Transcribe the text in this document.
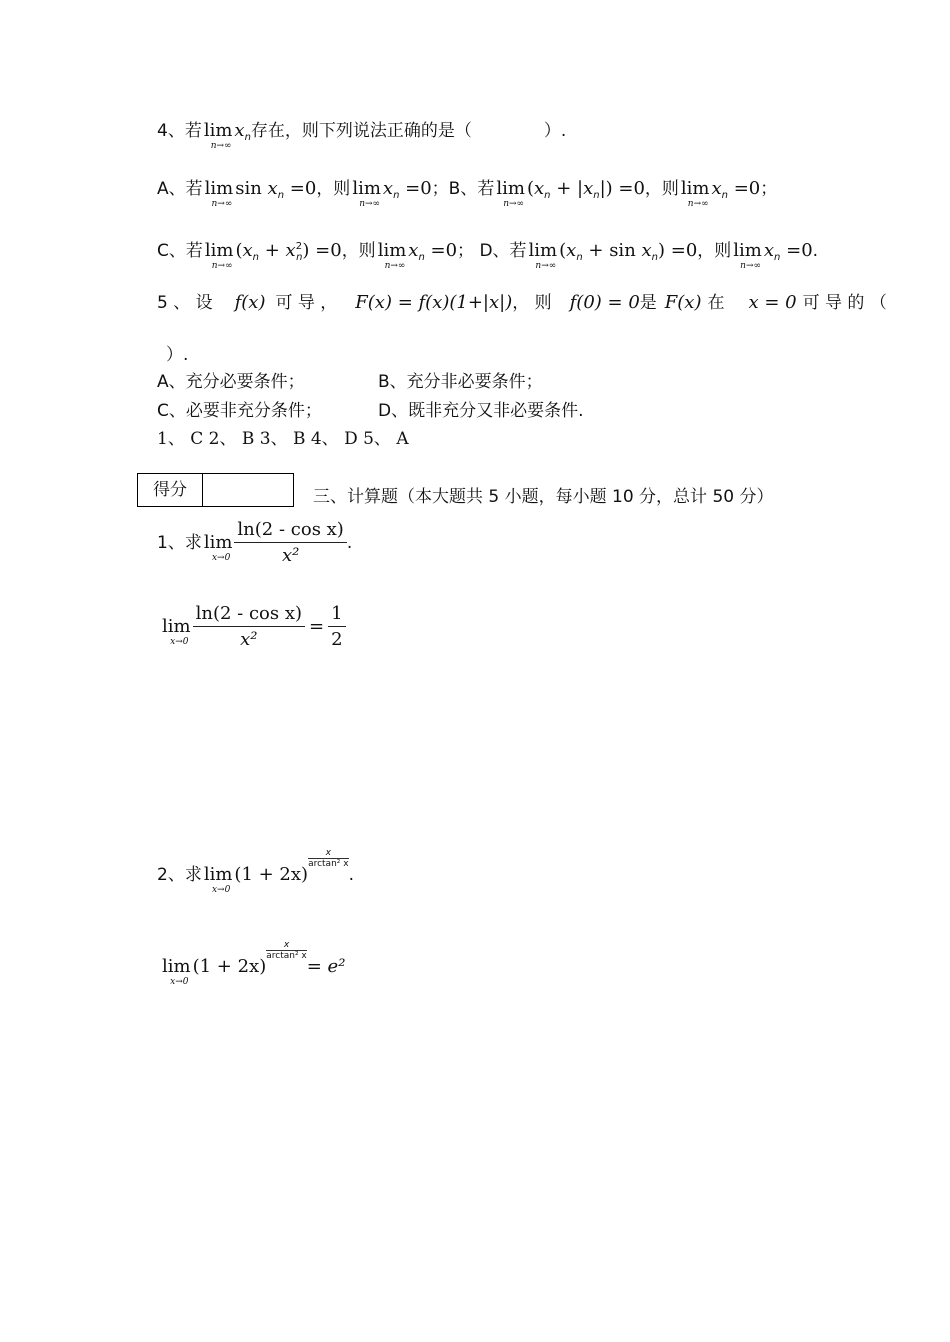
4、若 lim
n→∞
$x_n$存在，则下列说法正确的是（	）.
A、若 lim
n→∞
$\sin x_n =0$，则 lim
n→∞
$x_n =0$；B、若 lim
n→∞
$(x_n + |x_n|) =0$，则 lim
n→∞
$x_n =0$；
C、若 lim
n→∞
$(x_n + x^2_n) =0$，则 lim
n→∞
$x_n =0$； D、若 lim
n→∞
$(x_n + \sin x_n) =0$，则 lim
n→∞
$x_n =0$.
5 、 设 f(x) 可 导 ， F(x) = f(x)(1+|x|)， 则 f(0) = 0是 F(x) 在 x = 0 可 导 的 （
）.
A、充分必要条件；	B、充分非必要条件；
C、必要非充分条件；	D、既非充分又非必要条件.
1、 C 2、 B 3、 B 4、 D 5、 A
得分	三、计算题（本大题共 5 小题，每小题 10 分，总计 50 分）
1、求 lim
$x\to 0 \frac{\text{ln(2 - cos x)}}{\text{x²}}$ .
lim
$x\to 0 \frac{\text{ln(2 - cos x)}}{\text{x²}} = \frac{1}{2}$
2、求 lim
x→0
(1 + 2x)
$\frac{x}{\text{arctan² x}}$
.
lim
x→0
(1 + 2x)
$\frac{x}{\text{arctan² x}}$
= e²
